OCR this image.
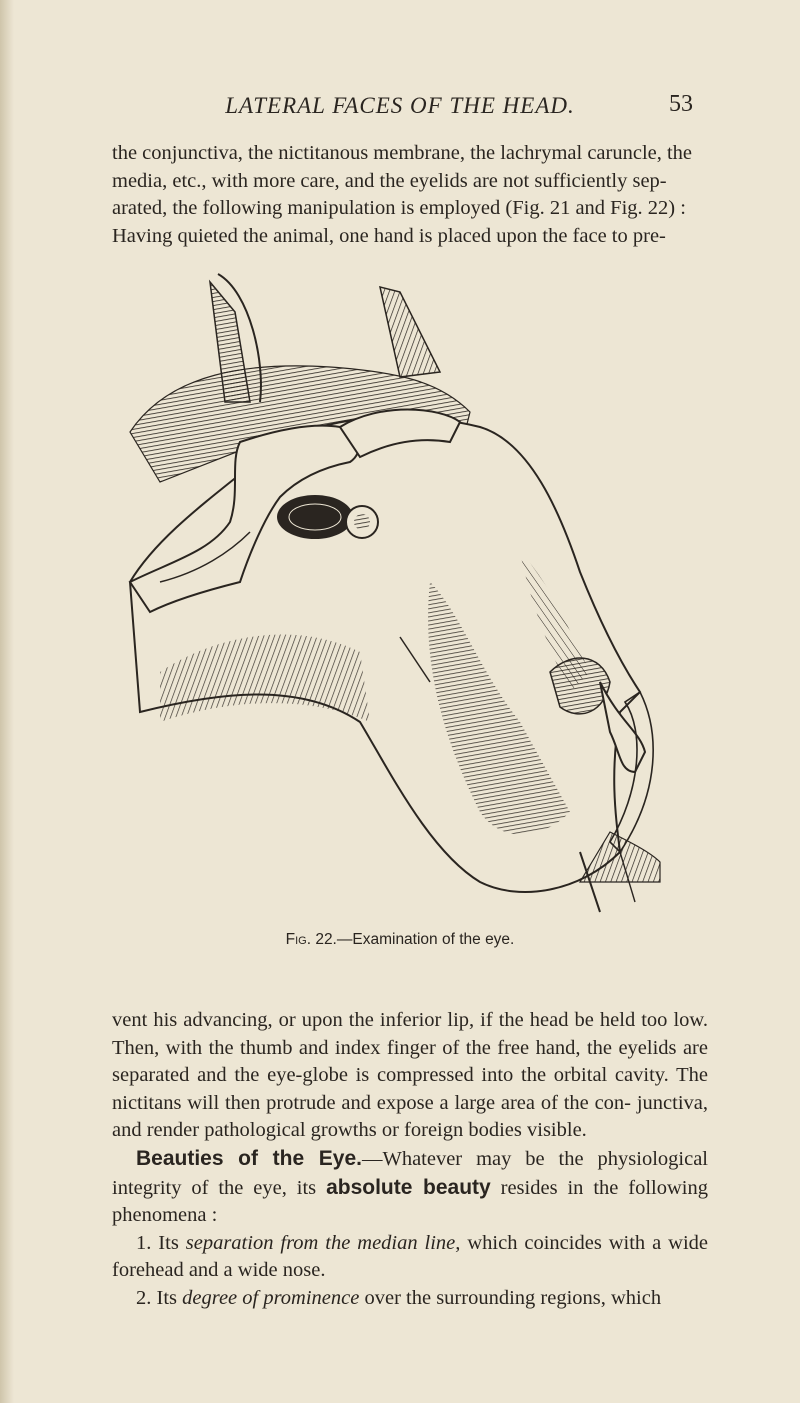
LATERAL FACES OF THE HEAD.	53

the conjunctiva, the nictitanous membrane, the lachrymal caruncle, the

media, etc., with more care, and the eyelids are not sufficiently sep-

arated, the following manipulation is employed (Fig. 21 and Fig. 22) :

Having quieted the animal, one hand is placed upon the face to pre-

Fig. 22.—Examination of the eye.

vent his advancing, or upon the inferior lip, if the head be held too low. Then, with the thumb and index finger of the free hand, the eyelids are separated and the eye-globe is compressed into the orbital cavity. The nictitans will then protrude and expose a large area of the con- junctiva, and render pathological growths or foreign bodies visible.

Beauties of the Eye.—Whatever may be the physiological integrity of the eye, its absolute beauty resides in the following phenomena :

1. Its separation from the median line, which coincides with a wide forehead and a wide nose.

2. Its degree of prominence over the surrounding regions, which
